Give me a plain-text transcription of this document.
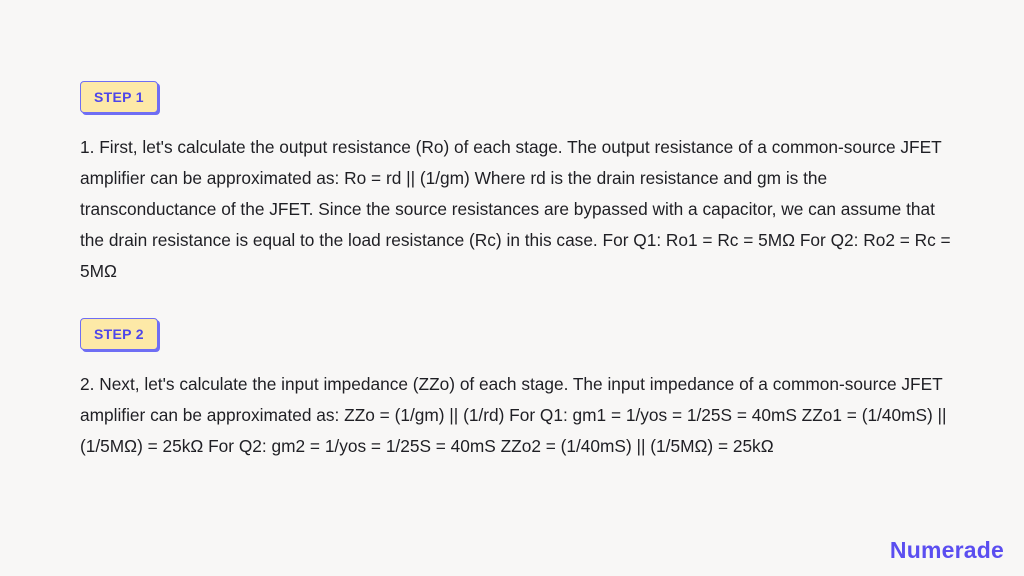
STEP 1

1. First, let's calculate the output resistance (Ro) of each stage. The output resistance of a common-source JFET amplifier can be approximated as: Ro = rd || (1/gm) Where rd is the drain resistance and gm is the transconductance of the JFET. Since the source resistances are bypassed with a capacitor, we can assume that the drain resistance is equal to the load resistance (Rc) in this case. For Q1: Ro1 = Rc = 5MΩ For Q2: Ro2 = Rc = 5MΩ

STEP 2

2. Next, let's calculate the input impedance (ZZo) of each stage. The input impedance of a common-source JFET amplifier can be approximated as: ZZo = (1/gm) || (1/rd) For Q1: gm1 = 1/yos = 1/25S = 40mS ZZo1 = (1/40mS) || (1/5MΩ) = 25kΩ For Q2: gm2 = 1/yos = 1/25S = 40mS ZZo2 = (1/40mS) || (1/5MΩ) = 25kΩ

Numerade
